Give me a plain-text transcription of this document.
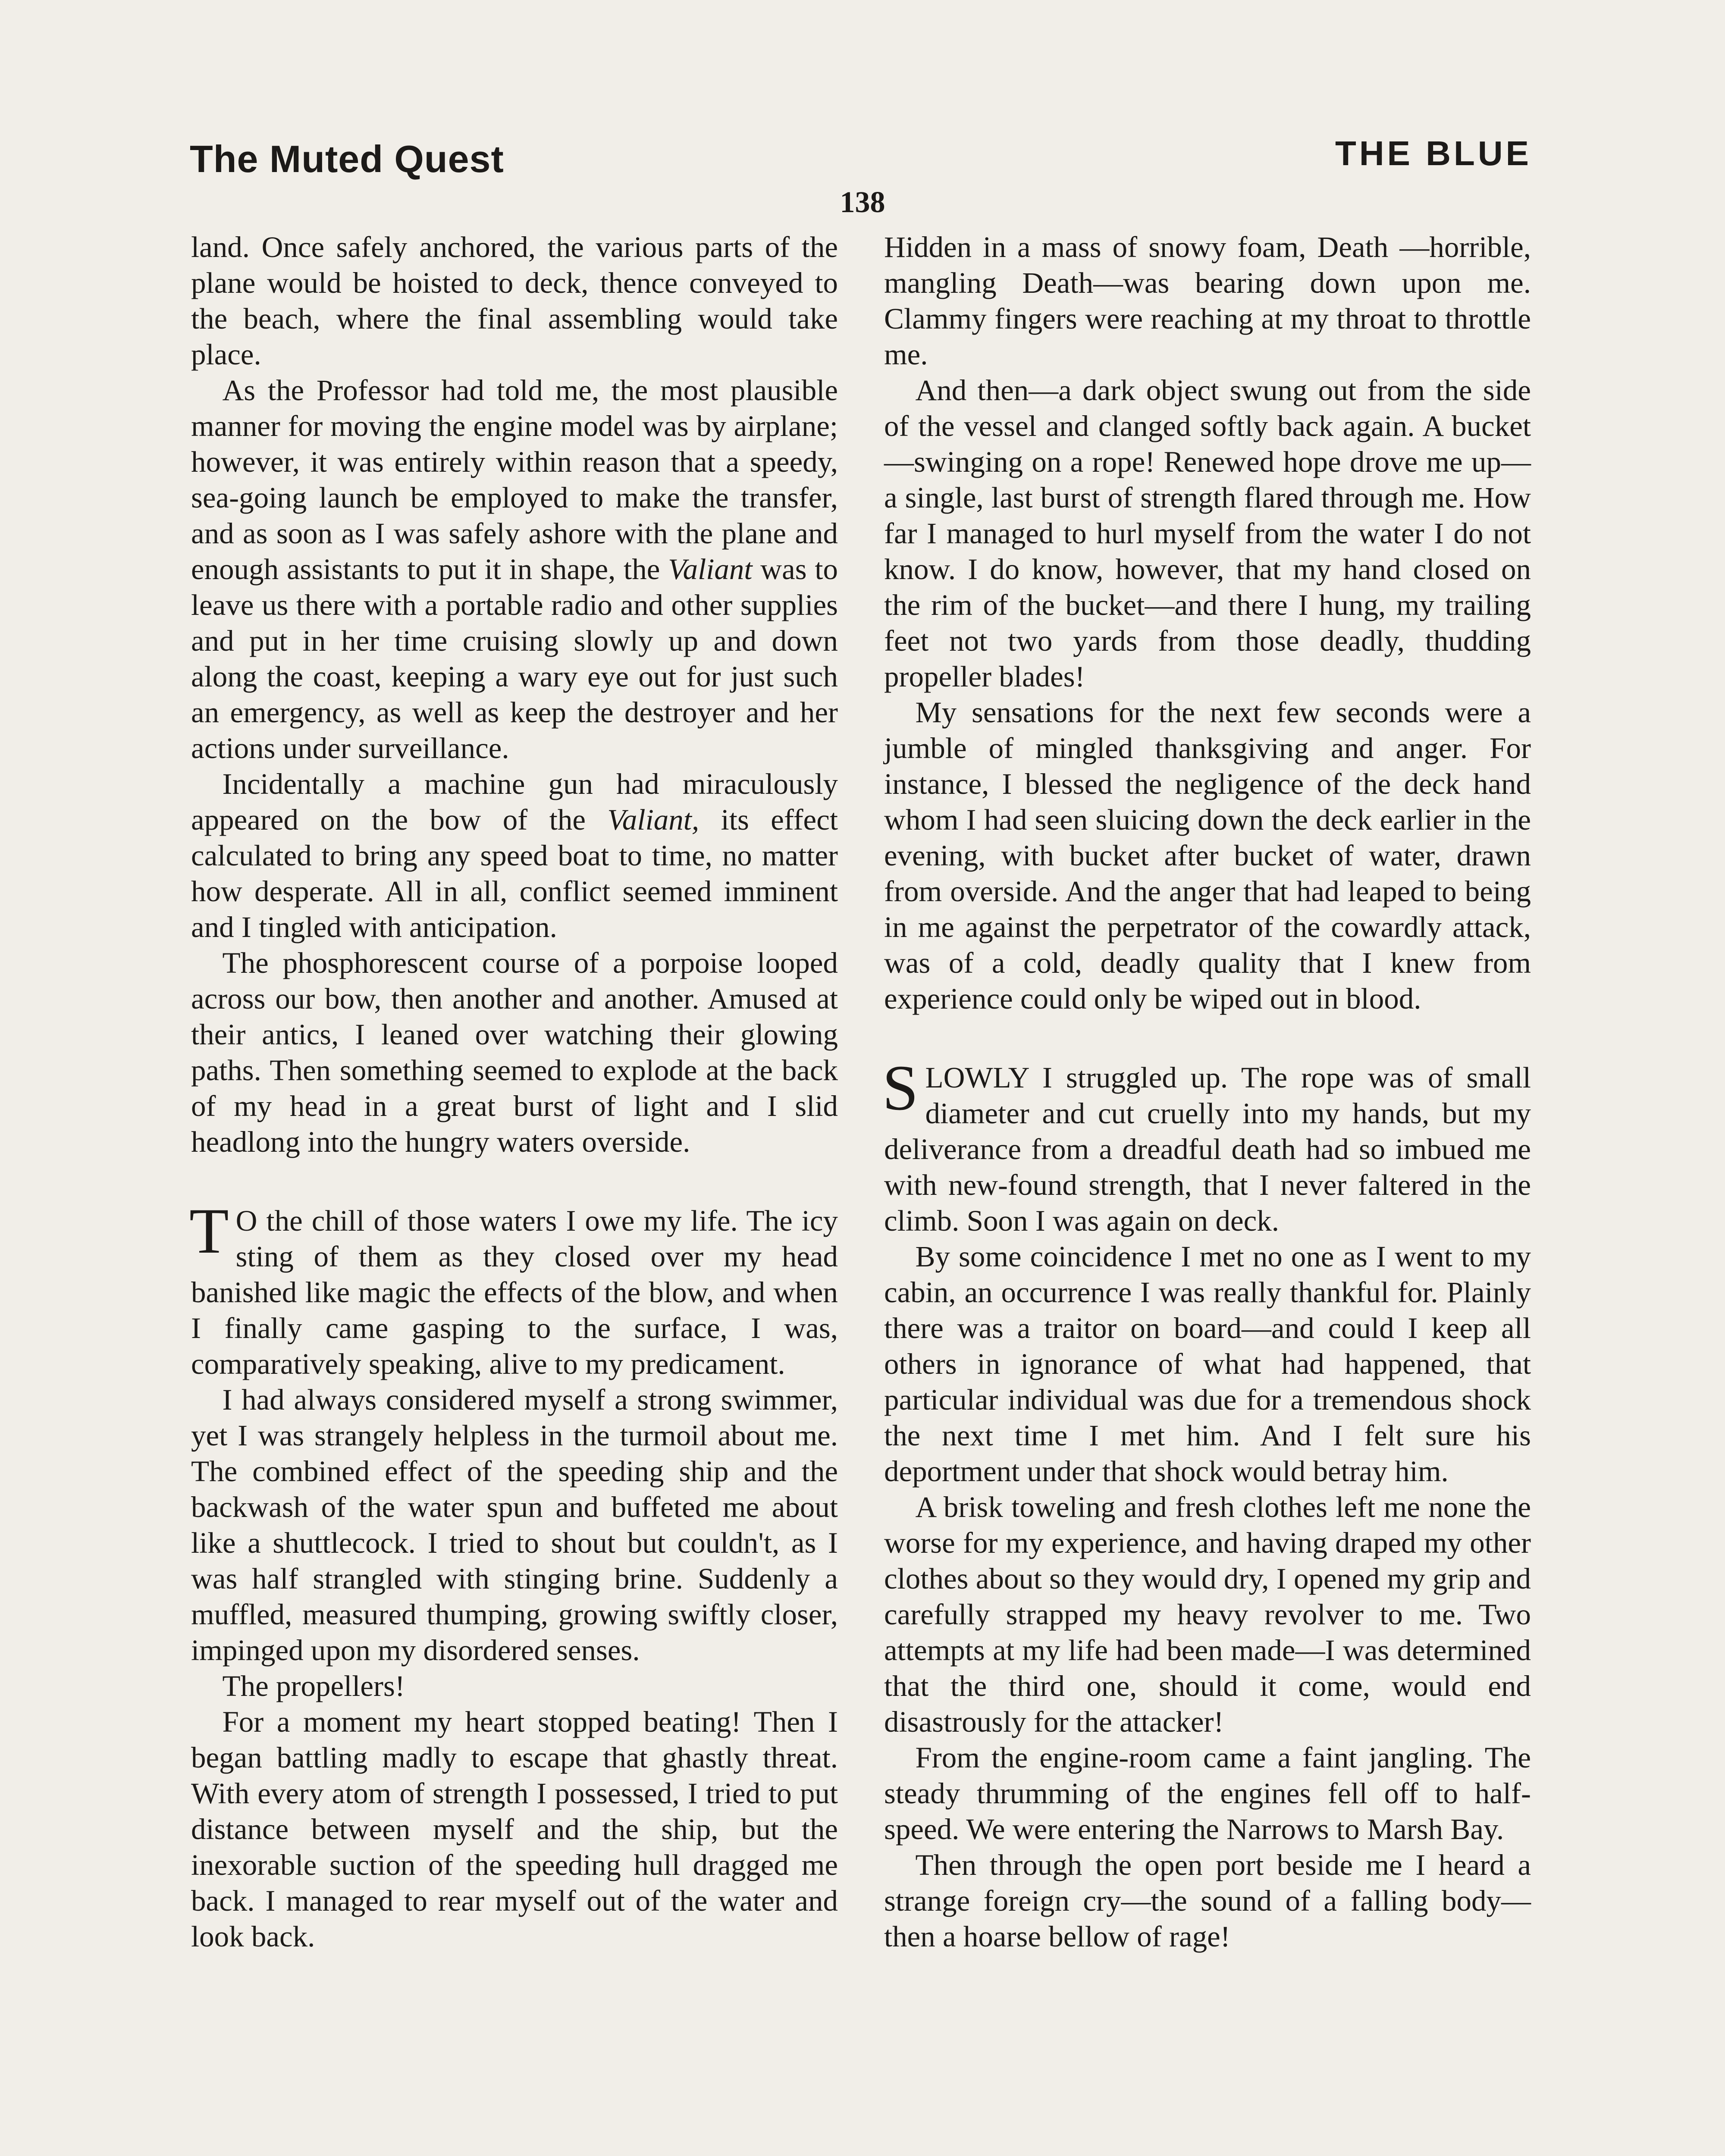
The Muted Quest	THE BLUE
138

land. Once safely anchored, the various parts of the plane would be hoisted to deck, thence conveyed to the beach, where the final assembling would take place.

As the Professor had told me, the most plausible manner for moving the engine model was by airplane; however, it was entirely within reason that a speedy, sea-going launch be employed to make the transfer, and as soon as I was safely ashore with the plane and enough assistants to put it in shape, the Valiant was to leave us there with a portable radio and other supplies and put in her time cruising slowly up and down along the coast, keeping a wary eye out for just such an emergency, as well as keep the destroyer and her actions under surveillance.

Incidentally a machine gun had miraculously appeared on the bow of the Valiant, its effect calculated to bring any speed boat to time, no matter how desperate. All in all, conflict seemed imminent and I tingled with anticipation.

The phosphorescent course of a porpoise looped across our bow, then another and another. Amused at their antics, I leaned over watching their glowing paths. Then something seemed to explode at the back of my head in a great burst of light and I slid headlong into the hungry waters overside.

T O the chill of those waters I owe my life. The icy sting of them as they closed over my head banished like magic the effects of the blow, and when I finally came gasping to the surface, I was, comparatively speaking, alive to my predicament.

I had always considered myself a strong swimmer, yet I was strangely helpless in the turmoil about me. The combined effect of the speeding ship and the backwash of the water spun and buffeted me about like a shuttlecock. I tried to shout but couldn't, as I was half strangled with stinging brine. Suddenly a muffled, measured thumping, growing swiftly closer, impinged upon my disordered senses.

The propellers!

For a moment my heart stopped beating! Then I began battling madly to escape that ghastly threat. With every atom of strength I possessed, I tried to put distance between myself and the ship, but the inexorable suction of the speeding hull dragged me back. I managed to rear myself out of the water and look back.

Hidden in a mass of snowy foam, Death —horrible, mangling Death—was bearing down upon me. Clammy fingers were reaching at my throat to throttle me.

And then—a dark object swung out from the side of the vessel and clanged softly back again. A bucket—swinging on a rope! Renewed hope drove me up—a single, last burst of strength flared through me. How far I managed to hurl myself from the water I do not know. I do know, however, that my hand closed on the rim of the bucket—and there I hung, my trailing feet not two yards from those deadly, thudding propeller blades!

My sensations for the next few seconds were a jumble of mingled thanksgiving and anger. For instance, I blessed the negligence of the deck hand whom I had seen sluicing down the deck earlier in the evening, with bucket after bucket of water, drawn from overside. And the anger that had leaped to being in me against the perpetrator of the cowardly attack, was of a cold, deadly quality that I knew from experience could only be wiped out in blood.

SLOWLY I struggled up. The rope was of small diameter and cut cruelly into my hands, but my deliverance from a dreadful death had so imbued me with new-found strength, that I never faltered in the climb. Soon I was again on deck.

By some coincidence I met no one as I went to my cabin, an occurrence I was really thankful for. Plainly there was a traitor on board—and could I keep all others in ignorance of what had happened, that particular individual was due for a tremendous shock the next time I met him. And I felt sure his deportment under that shock would betray him.

A brisk toweling and fresh clothes left me none the worse for my experience, and having draped my other clothes about so they would dry, I opened my grip and carefully strapped my heavy revolver to me. Two attempts at my life had been made—I was determined that the third one, should it come, would end disastrously for the attacker!

From the engine-room came a faint jangling. The steady thrumming of the engines fell off to half-speed. We were entering the Narrows to Marsh Bay.

Then through the open port beside me I heard a strange foreign cry—the sound of a falling body—then a hoarse bellow of rage!
